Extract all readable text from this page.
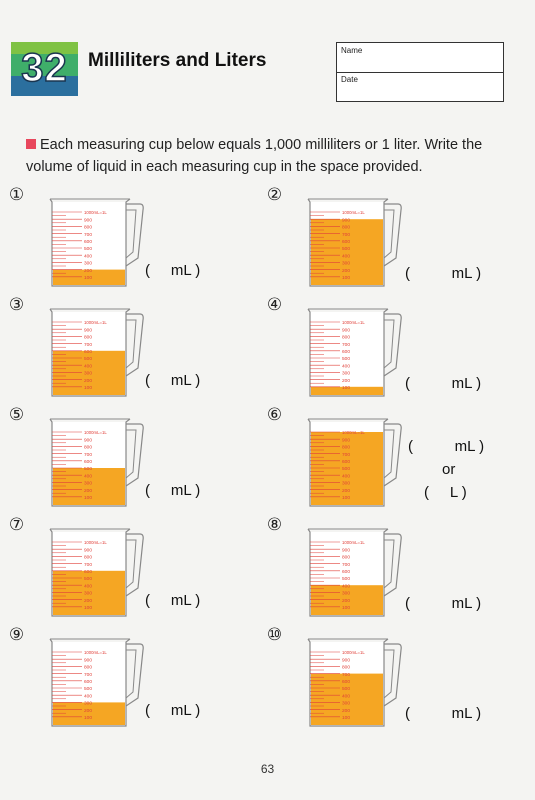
32	Milliliters and Liters	Name
Date
Each measuring cup below equals 1,000 milliliters or 1 liter. Write the volume of liquid in each measuring cup in the space provided.
①
1000mL=1L
900
800
700
600
500
400
300
200
100	(     mL )
②
1000mL=1L
900
800
700
600
500
400
300
200
100	(          mL )
③
1000mL=1L
900
800
700
600
500
400
300
200
100	(     mL )
④
1000mL=1L
900
800
700
600
500
400
300
200
100	(          mL )
⑤
1000mL=1L
900
800
700
600
500
400
300
200
100	(     mL )
⑥
1000mL=1L
900
800
700
600
500
400
300
200
100
(          mL )
or
(     L )
⑦
1000mL=1L
900
800
700
600
500
400
300
200
100	(     mL )
⑧
1000mL=1L
900
800
700
600
500
400
300
200
100	(          mL )
⑨
1000mL=1L
900
800
700
600
500
400
300
200
100	(     mL )
⑩
1000mL=1L
900
800
700
600
500
400
300
200
100	(          mL )
63
